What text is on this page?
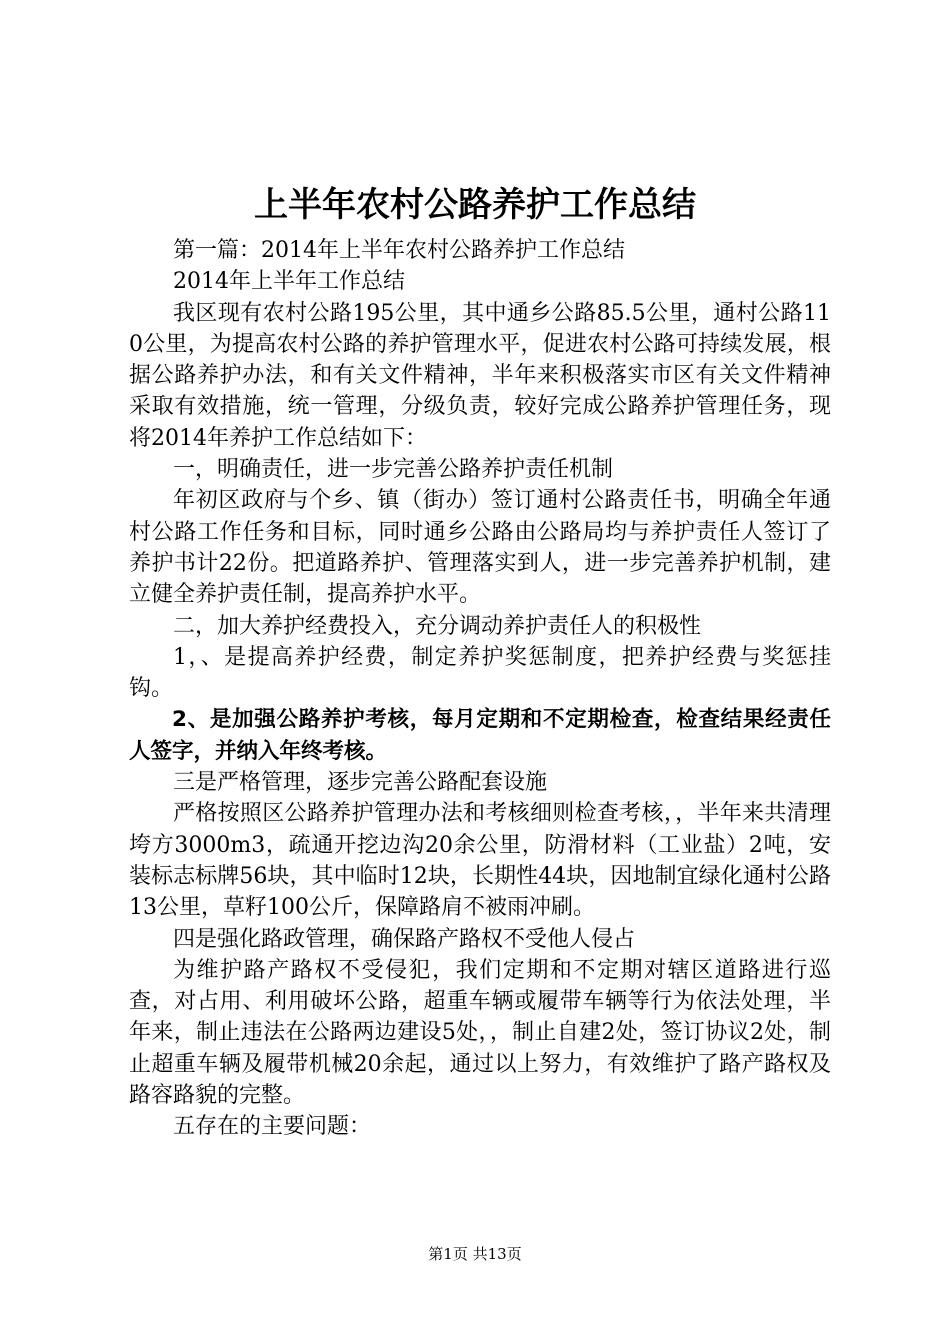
上半年农村公路养护工作总结

第一篇：2014年上半年农村公路养护工作总结

2014年上半年工作总结

我区现有农村公路195公里，其中通乡公路85.5公里，通村公路110公里，为提高农村公路的养护管理水平，促进农村公路可持续发展，根据公路养护办法，和有关文件精神，半年来积极落实市区有关文件精神采取有效措施，统一管理，分级负责，较好完成公路养护管理任务，现将2014年养护工作总结如下：

一，明确责任，进一步完善公路养护责任机制

年初区政府与个乡、镇（街办）签订通村公路责任书，明确全年通村公路工作任务和目标，同时通乡公路由公路局均与养护责任人签订了养护书计22份。把道路养护、管理落实到人，进一步完善养护机制，建立健全养护责任制，提高养护水平。

二，加大养护经费投入，充分调动养护责任人的积极性

1，、是提高养护经费，制定养护奖惩制度，把养护经费与奖惩挂钩。

2、是加强公路养护考核，每月定期和不定期检查，检查结果经责任人签字，并纳入年终考核。

三是严格管理，逐步完善公路配套设施

严格按照区公路养护管理办法和考核细则检查考核，，半年来共清理垮方3000m3，疏通开挖边沟20余公里，防滑材料（工业盐）2吨，安装标志标牌56块，其中临时12块，长期性44块，因地制宜绿化通村公路13公里，草籽100公斤，保障路肩不被雨冲刷。

四是强化路政管理，确保路产路权不受他人侵占

为维护路产路权不受侵犯，我们定期和不定期对辖区道路进行巡查，对占用、利用破坏公路，超重车辆或履带车辆等行为依法处理，半年来，制止违法在公路两边建设5处，，制止自建2处，签订协议2处，制止超重车辆及履带机械20余起，通过以上努力，有效维护了路产路权及路容路貌的完整。

五存在的主要问题：

第1页 共13页
